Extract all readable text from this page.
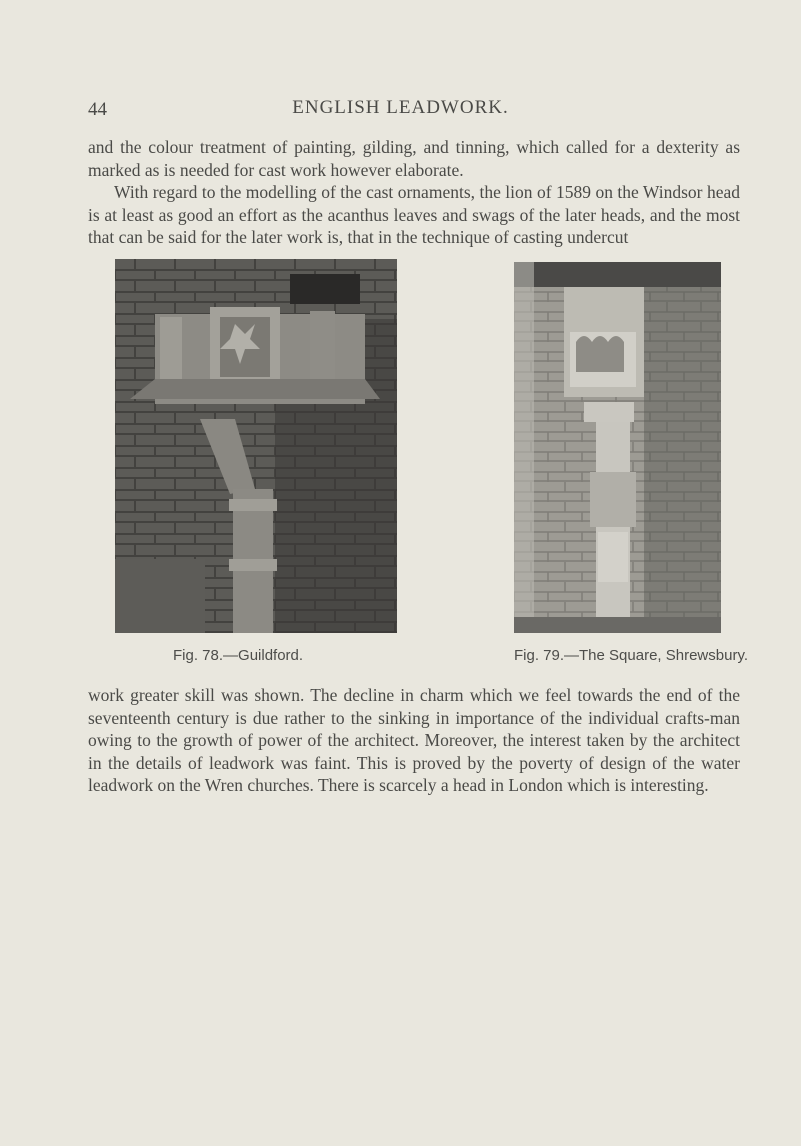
44	ENGLISH LEADWORK.

and the colour treatment of painting, gilding, and tinning, which called for a dexterity as marked as is needed for cast work however elaborate.

With regard to the modelling of the cast ornaments, the lion of 1589 on the Windsor head is at least as good an effort as the acanthus leaves and swags of the later heads, and the most that can be said for the later work is, that in the technique of casting undercut

Fig. 78.—Guildford.	Fig. 79.—The Square, Shrewsbury.

work greater skill was shown. The decline in charm which we feel towards the end of the seventeenth century is due rather to the sinking in importance of the individual crafts-man owing to the growth of power of the architect. Moreover, the interest taken by the architect in the details of leadwork was faint. This is proved by the poverty of design of the water leadwork on the Wren churches. There is scarcely a head in London which is interesting.
